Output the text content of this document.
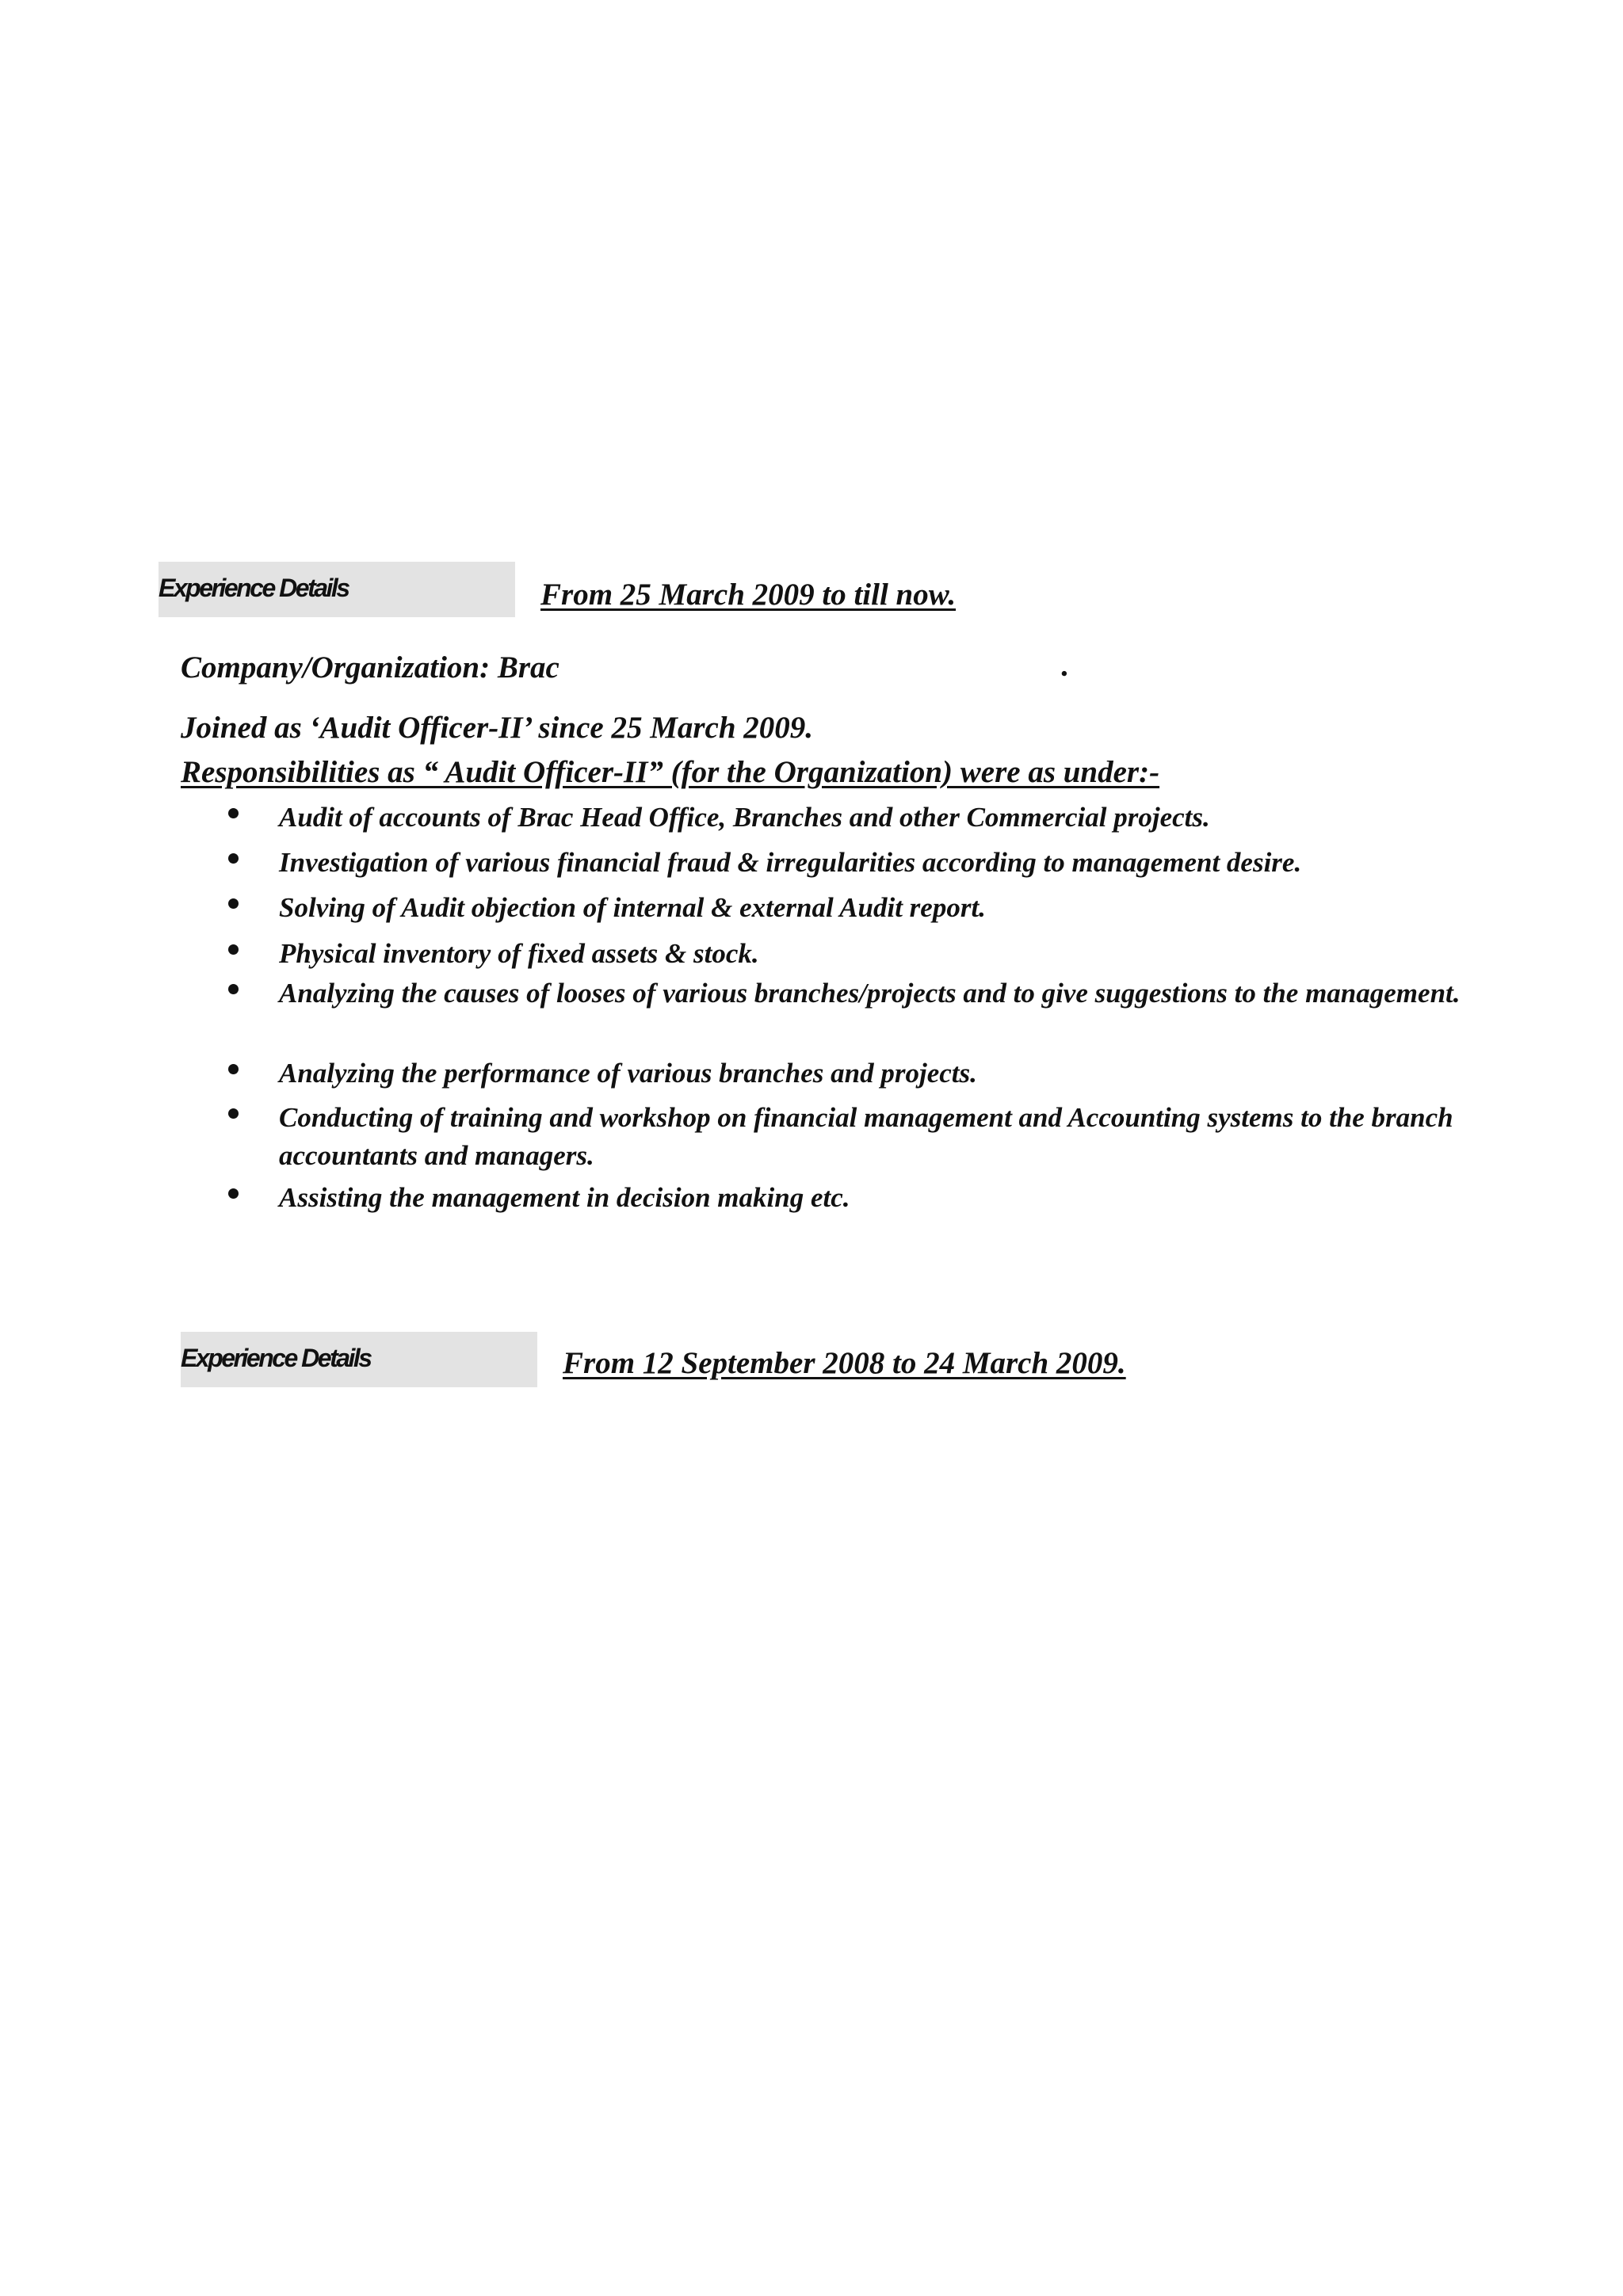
Experience Details	From 25 March 2009 to till now.
Company/Organization: Brac	.
Joined as ‘Audit Officer-II’ since 25 March 2009.
Responsibilities as “ Audit Officer-II” (for the Organization) were as under:-
Audit of accounts of Brac Head Office, Branches and other Commercial projects.
Investigation of various financial fraud & irregularities according to management desire.
Solving of Audit objection of internal & external Audit report.
Physical inventory of fixed assets & stock.
Analyzing the causes of looses of various branches/projects and to give suggestions to the management.
Analyzing the performance of various branches and projects.
Conducting of training and workshop on financial management and Accounting systems to the branch accountants and managers.
Assisting the management in decision making etc.
Experience Details	From 12 September 2008 to 24 March 2009.
